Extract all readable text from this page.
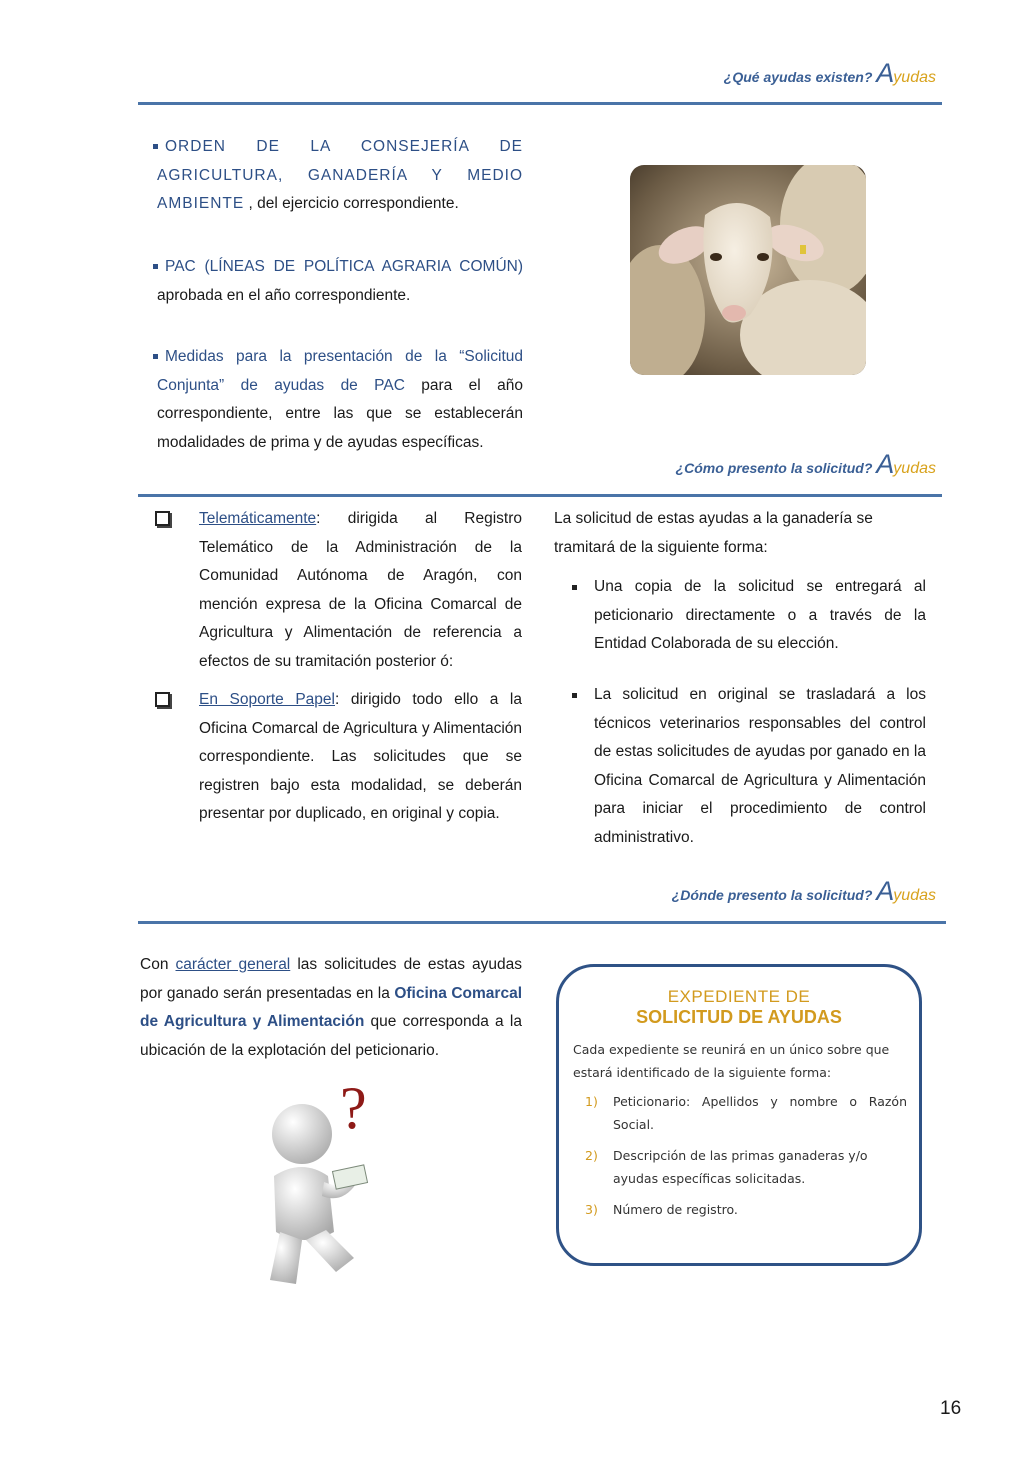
¿Qué ayudas existen? Ayudas
ORDEN DE LA CONSEJERÍA DE AGRICULTURA, GANADERÍA Y MEDIO AMBIENTE , del ejercicio correspondiente.
PAC (LÍNEAS DE POLÍTICA AGRARIA COMÚN) aprobada en el año correspondiente.
Medidas para la presentación de la “Solicitud Conjunta” de ayudas de PAC para el año correspondiente, entre las que se establecerán modalidades de prima y de ayudas específicas.
¿Cómo presento la solicitud? Ayudas
Telemáticamente: dirigida al Registro Telemático de la Administración de la Comunidad Autónoma de Aragón, con mención expresa de la Oficina Comarcal de Agricultura y Alimentación de referencia a efectos de su tramitación posterior ó:
En Soporte Papel: dirigido todo ello a la Oficina Comarcal de Agricultura y Alimentación correspondiente. Las solicitudes que se registren bajo esta modalidad, se deberán presentar por duplicado, en original y copia.
La solicitud de estas ayudas a la ganadería se tramitará de la siguiente forma:
Una copia de la solicitud se entregará al peticionario directamente o a través de la Entidad Colaborada de su elección.
La solicitud en original se trasladará a los técnicos veterinarios responsables del control de estas solicitudes de ayudas por ganado en la Oficina Comarcal de Agricultura y Alimentación para iniciar el procedimiento de control administrativo.
¿Dónde presento la solicitud? Ayudas
Con carácter general las solicitudes de estas ayudas por ganado serán presentadas en la Oficina Comarcal de Agricultura y Alimentación que corresponda a la ubicación de la explotación del peticionario.
?
EXPEDIENTE DE
SOLICITUD DE AYUDAS
Cada expediente se reunirá en un único sobre que estará identificado de la siguiente forma:
1) Peticionario: Apellidos y nombre o Razón Social.
2) Descripción de las primas ganaderas y/o ayudas específicas solicitadas.
3) Número de registro.
16
